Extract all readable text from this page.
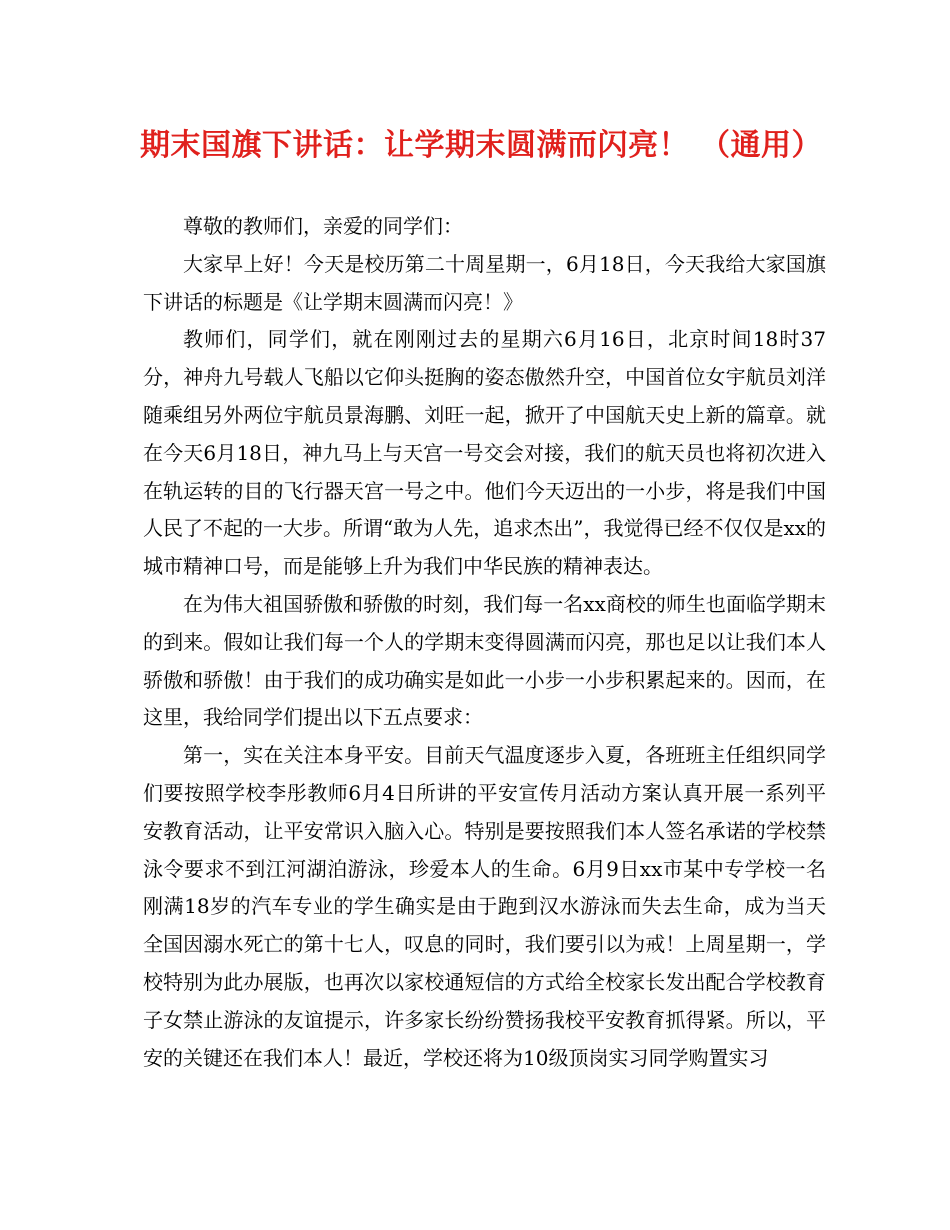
期末国旗下讲话：让学期末圆满而闪亮！ （通用）

尊敬的教师们，亲爱的同学们：

大家早上好！今天是校历第二十周星期一，6月18日，今天我给大家国旗下讲话的标题是《让学期末圆满而闪亮！》

教师们，同学们，就在刚刚过去的星期六6月16日，北京时间18时37分，神舟九号载人飞船以它仰头挺胸的姿态傲然升空，中国首位女宇航员刘洋随乘组另外两位宇航员景海鹏、刘旺一起，掀开了中国航天史上新的篇章。就在今天6月18日，神九马上与天宫一号交会对接，我们的航天员也将初次进入在轨运转的目的飞行器天宫一号之中。他们今天迈出的一小步，将是我们中国人民了不起的一大步。所谓“敢为人先，追求杰出”，我觉得已经不仅仅是xx的城市精神口号，而是能够上升为我们中华民族的精神表达。

在为伟大祖国骄傲和骄傲的时刻，我们每一名xx商校的师生也面临学期末的到来。假如让我们每一个人的学期末变得圆满而闪亮，那也足以让我们本人骄傲和骄傲！由于我们的成功确实是如此一小步一小步积累起来的。因而，在这里，我给同学们提出以下五点要求：

第一，实在关注本身平安。目前天气温度逐步入夏，各班班主任组织同学们要按照学校李彤教师6月4日所讲的平安宣传月活动方案认真开展一系列平安教育活动，让平安常识入脑入心。特别是要按照我们本人签名承诺的学校禁泳令要求不到江河湖泊游泳，珍爱本人的生命。6月9日xx市某中专学校一名刚满18岁的汽车专业的学生确实是由于跑到汉水游泳而失去生命，成为当天全国因溺水死亡的第十七人，叹息的同时，我们要引以为戒！上周星期一，学校特别为此办展版，也再次以家校通短信的方式给全校家长发出配合学校教育子女禁止游泳的友谊提示，许多家长纷纷赞扬我校平安教育抓得紧。所以，平安的关键还在我们本人！最近，学校还将为10级顶岗实习同学购置实习
